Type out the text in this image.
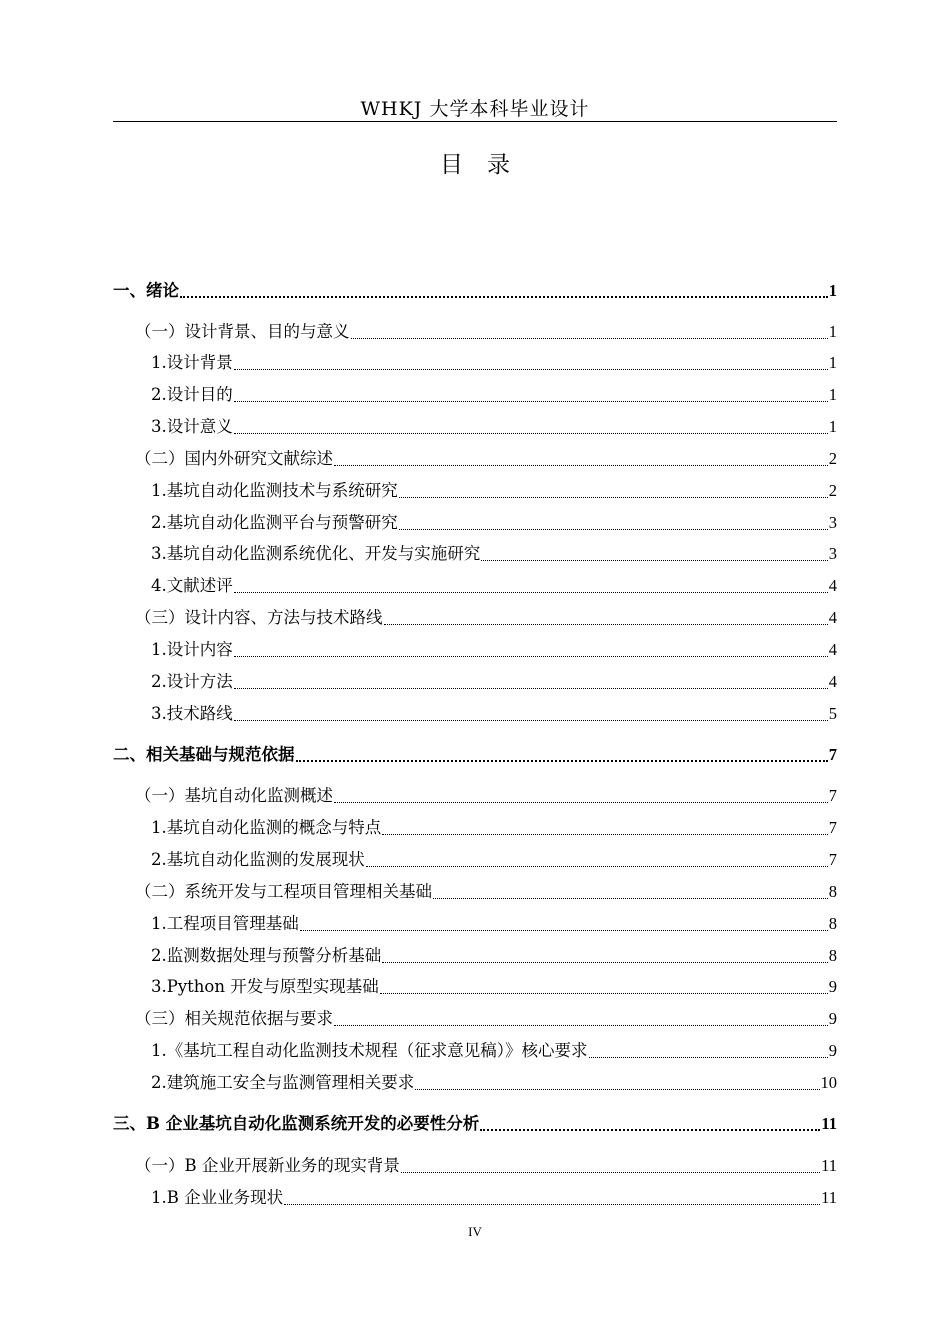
WHKJ 大学本科毕业设计
目录
一、绪论	1
（一）设计背景、目的与意义	1
1.设计背景	1
2.设计目的	1
3.设计意义	1
（二）国内外研究文献综述	2
1.基坑自动化监测技术与系统研究	2
2.基坑自动化监测平台与预警研究	3
3.基坑自动化监测系统优化、开发与实施研究	3
4.文献述评	4
（三）设计内容、方法与技术路线	4
1.设计内容	4
2.设计方法	4
3.技术路线	5
二、相关基础与规范依据	7
（一）基坑自动化监测概述	7
1.基坑自动化监测的概念与特点	7
2.基坑自动化监测的发展现状	7
（二）系统开发与工程项目管理相关基础	8
1.工程项目管理基础	8
2.监测数据处理与预警分析基础	8
3.Python 开发与原型实现基础	9
（三）相关规范依据与要求	9
1.《基坑工程自动化监测技术规程（征求意见稿）》核心要求	9
2.建筑施工安全与监测管理相关要求	10
三、B 企业基坑自动化监测系统开发的必要性分析	11
（一）B 企业开展新业务的现实背景	11
1.B 企业业务现状	11
IV
